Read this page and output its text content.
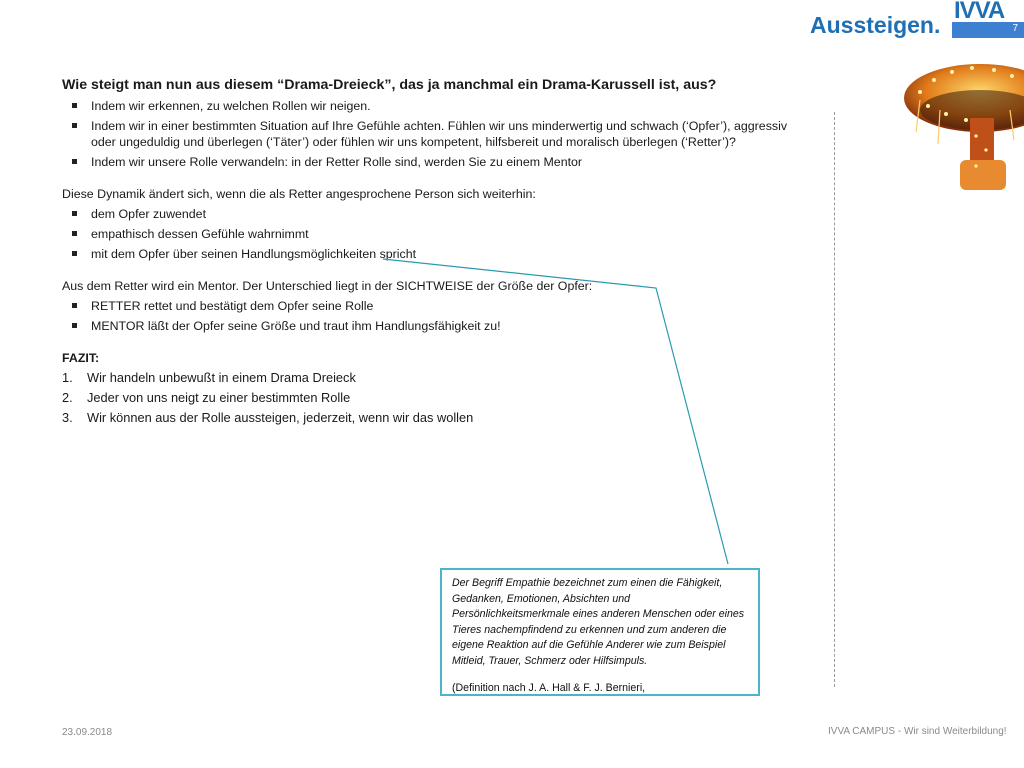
Aussteigen.
IVVA
7
Wie steigt man nun aus diesem “Drama-Dreieck”, das ja manchmal ein Drama-Karussell ist, aus?
Indem wir erkennen, zu welchen Rollen wir neigen.
Indem wir in einer bestimmten Situation auf Ihre Gefühle achten. Fühlen wir uns minderwertig und schwach (‘Opfer’), aggressiv oder ungeduldig und überlegen (‘Täter’) oder fühlen wir uns kompetent, hilfsbereit und moralisch überlegen (‘Retter’)?
Indem wir unsere Rolle verwandeln: in der Retter Rolle sind, werden Sie zu einem Mentor
Diese Dynamik ändert sich, wenn die als Retter angesprochene Person sich weiterhin:
dem Opfer zuwendet
empathisch dessen Gefühle wahrnimmt
mit dem Opfer über seinen Handlungsmöglichkeiten spricht
Aus dem Retter wird ein Mentor. Der Unterschied liegt in der SICHTWEISE der Größe der Opfer:
RETTER rettet und bestätigt dem Opfer seine Rolle
MENTOR läßt der Opfer seine Größe und traut ihm Handlungsfähigkeit zu!
FAZIT:
1.	Wir handeln unbewußt in einem Drama Dreieck
2.	Jeder von uns neigt zu einer bestimmten Rolle
3.	Wir können aus der Rolle aussteigen, jederzeit, wenn wir das wollen
Der Begriff Empathie bezeichnet zum einen die Fähigkeit, Gedanken, Emotionen, Absichten und Persönlichkeitsmerkmale eines anderen Menschen oder eines Tieres nachempfindend zu erkennen und zum anderen die eigene Reaktion auf die Gefühle Anderer wie zum Beispiel Mitleid, Trauer, Schmerz oder Hilfsimpuls.
(Definition nach J. A. Hall & F. J. Bernieri,
23.09.2018	IVVA CAMPUS - Wir sind Weiterbildung!
